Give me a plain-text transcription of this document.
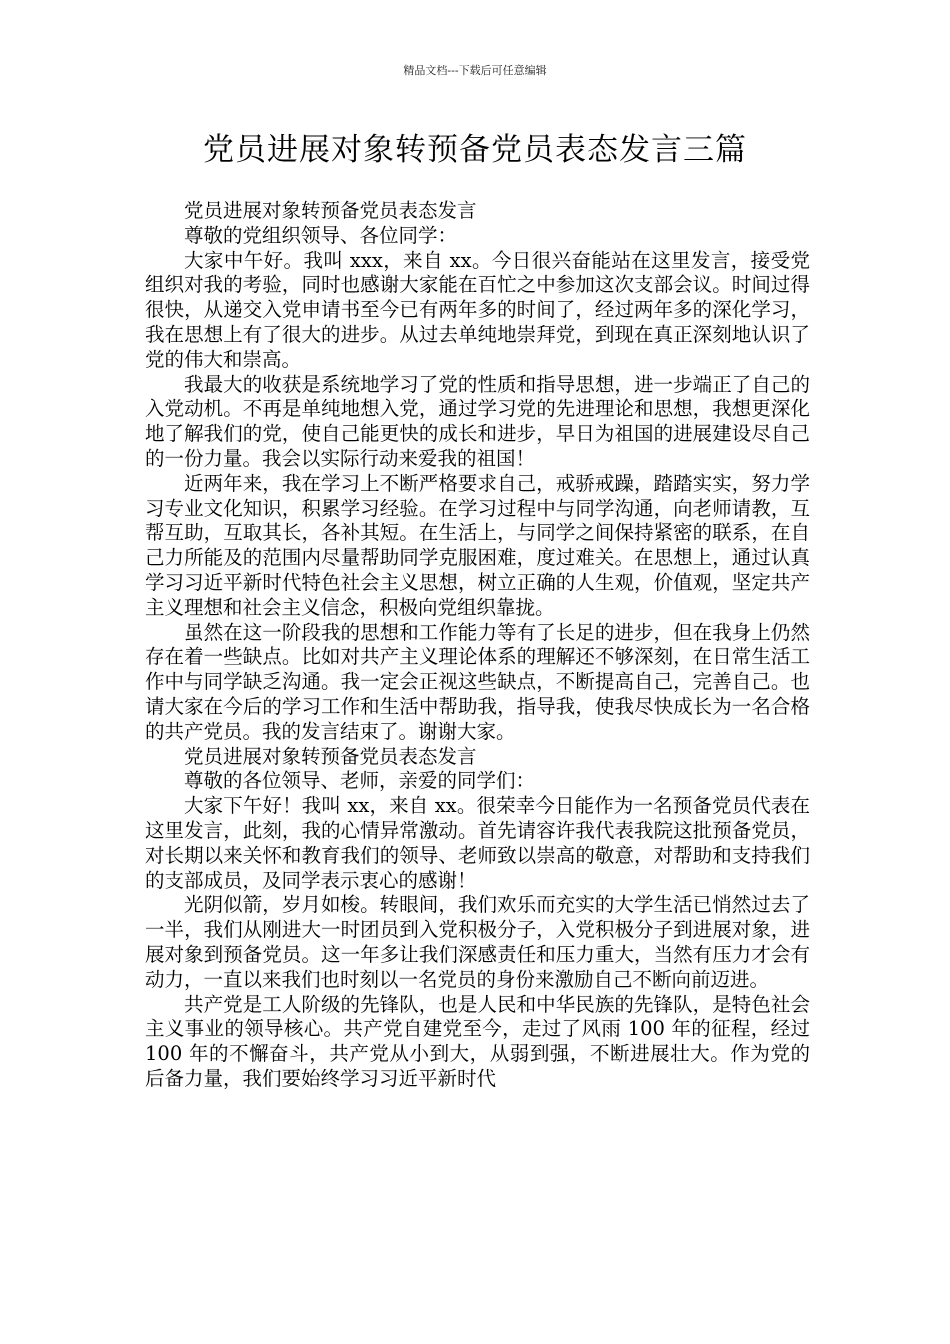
精品文档---下载后可任意编辑
党员进展对象转预备党员表态发言三篇

党员进展对象转预备党员表态发言

尊敬的党组织领导、各位同学：

大家中午好。我叫 xxx，来自 xx。今日很兴奋能站在这里发言，接受党组织对我的考验，同时也感谢大家能在百忙之中参加这次支部会议。时间过得很快，从递交入党申请书至今已有两年多的时间了，经过两年多的深化学习，我在思想上有了很大的进步。从过去单纯地崇拜党，到现在真正深刻地认识了党的伟大和崇高。

我最大的收获是系统地学习了党的性质和指导思想，进一步端正了自己的入党动机。不再是单纯地想入党，通过学习党的先进理论和思想，我想更深化地了解我们的党，使自己能更快的成长和进步，早日为祖国的进展建设尽自己的一份力量。我会以实际行动来爱我的祖国！

近两年来，我在学习上不断严格要求自己，戒骄戒躁，踏踏实实，努力学习专业文化知识，积累学习经验。在学习过程中与同学沟通，向老师请教，互帮互助，互取其长，各补其短。在生活上，与同学之间保持紧密的联系，在自己力所能及的范围内尽量帮助同学克服困难，度过难关。在思想上，通过认真学习习近平新时代特色社会主义思想，树立正确的人生观，价值观，坚定共产主义理想和社会主义信念，积极向党组织靠拢。

虽然在这一阶段我的思想和工作能力等有了长足的进步，但在我身上仍然存在着一些缺点。比如对共产主义理论体系的理解还不够深刻，在日常生活工作中与同学缺乏沟通。我一定会正视这些缺点，不断提高自己，完善自己。也请大家在今后的学习工作和生活中帮助我，指导我，使我尽快成长为一名合格的共产党员。我的发言结束了。谢谢大家。

党员进展对象转预备党员表态发言

尊敬的各位领导、老师，亲爱的同学们：

大家下午好！我叫 xx，来自 xx。很荣幸今日能作为一名预备党员代表在这里发言，此刻，我的心情异常激动。首先请容许我代表我院这批预备党员，对长期以来关怀和教育我们的领导、老师致以崇高的敬意，对帮助和支持我们的支部成员，及同学表示衷心的感谢！

光阴似箭，岁月如梭。转眼间，我们欢乐而充实的大学生活已悄然过去了一半，我们从刚进大一时团员到入党积极分子，入党积极分子到进展对象，进展对象到预备党员。这一年多让我们深感责任和压力重大，当然有压力才会有动力，一直以来我们也时刻以一名党员的身份来激励自己不断向前迈进。

共产党是工人阶级的先锋队，也是人民和中华民族的先锋队，是特色社会主义事业的领导核心。共产党自建党至今，走过了风雨 100 年的征程，经过 100 年的不懈奋斗，共产党从小到大，从弱到强，不断进展壮大。作为党的后备力量，我们要始终学习习近平新时代
